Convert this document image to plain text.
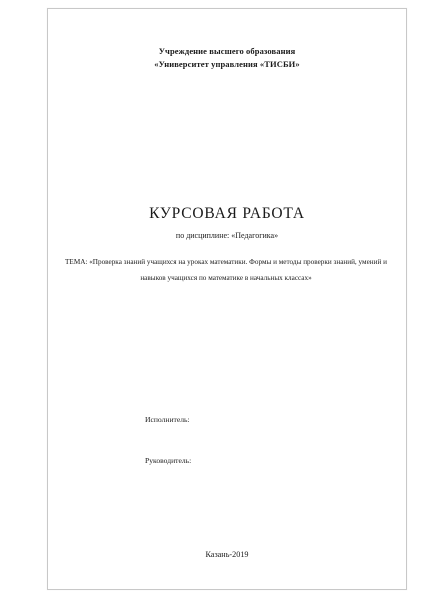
Учреждение высшего образования
«Университет управления «ТИСБИ»
КУРСОВАЯ РАБОТА
по дисциплине: «Педагогика»
ТЕМА: «Проверка знаний учащихся на уроках математики. Формы и методы проверки знаний, умений и навыков учащихся по математике в начальных классах»
Исполнитель:
Руководитель:
Казань-2019
